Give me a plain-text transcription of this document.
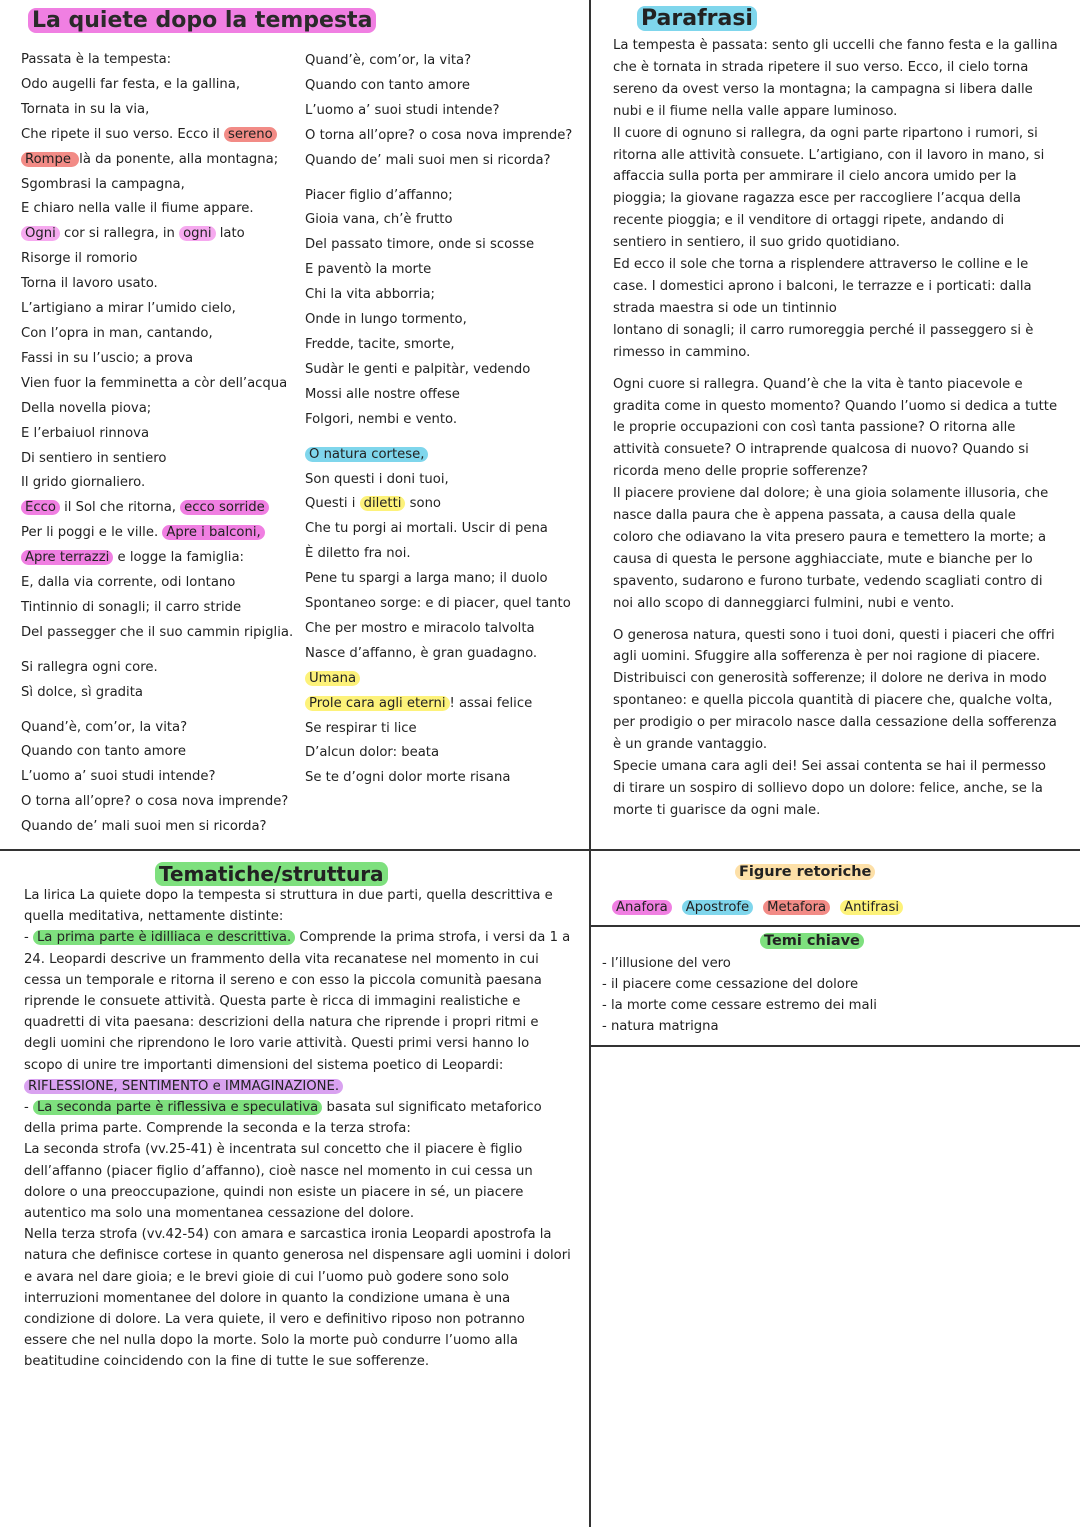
La quiete dopo la tempesta
Passata è la tempesta:
Odo augelli far festa, e la gallina,
Tornata in su la via,
Che ripete il suo verso. Ecco il sereno
Rompe là da ponente, alla montagna;
Sgombrasi la campagna,
E chiaro nella valle il fiume appare.
Ogni cor si rallegra, in ogni lato
Risorge il romorio
Torna il lavoro usato.
L’artigiano a mirar l’umido cielo,
Con l’opra in man, cantando,
Fassi in su l’uscio; a prova
Vien fuor la femminetta a còr dell’acqua
Della novella piova;
E l’erbaiuol rinnova
Di sentiero in sentiero
Il grido giornaliero.
Ecco il Sol che ritorna, ecco sorride
Per li poggi e le ville. Apre i balconi,
Apre terrazzi e logge la famiglia:
E, dalla via corrente, odi lontano
Tintinnio di sonagli; il carro stride
Del passegger che il suo cammin ripiglia.
Si rallegra ogni core.
Sì dolce, sì gradita
Quand’è, com’or, la vita?
Quando con tanto amore
L’uomo a’ suoi studi intende?
O torna all’opre? o cosa nova imprende?
Quando de’ mali suoi men si ricorda?
Quand’è, com’or, la vita?
Quando con tanto amore
L’uomo a’ suoi studi intende?
O torna all’opre? o cosa nova imprende?
Quando de’ mali suoi men si ricorda?
Piacer figlio d’affanno;
Gioia vana, ch’è frutto
Del passato timore, onde si scosse
E paventò la morte
Chi la vita abborria;
Onde in lungo tormento,
Fredde, tacite, smorte,
Sudàr le genti e palpitàr, vedendo
Mossi alle nostre offese
Folgori, nembi e vento.
O natura cortese,
Son questi i doni tuoi,
Questi i diletti sono
Che tu porgi ai mortali. Uscir di pena
È diletto fra noi.
Pene tu spargi a larga mano; il duolo
Spontaneo sorge: e di piacer, quel tanto
Che per mostro e miracolo talvolta
Nasce d’affanno, è gran guadagno.
Umana
Prole cara agli eterni ! assai felice
Se respirar ti lice
D’alcun dolor: beata
Se te d’ogni dolor morte risana
Parafrasi

La tempesta è passata: sento gli uccelli che fanno festa e la gallina che è tornata in strada ripetere il suo verso. Ecco, il cielo torna sereno da ovest verso la montagna; la campagna si libera dalle nubi e il fiume nella valle appare luminoso.
Il cuore di ognuno si rallegra, da ogni parte ripartono i rumori, si ritorna alle attività consuete. L’artigiano, con il lavoro in mano, si affaccia sulla porta per ammirare il cielo ancora umido per la pioggia; la giovane ragazza esce per raccogliere l’acqua della recente pioggia; e il venditore di ortaggi ripete, andando di sentiero in sentiero, il suo grido quotidiano.
Ed ecco il sole che torna a risplendere attraverso le colline e le case. I domestici aprono i balconi, le terrazze e i porticati: dalla strada maestra si ode un tintinnio
lontano di sonagli; il carro rumoreggia perché il passeggero si è rimesso in cammino.

Ogni cuore si rallegra. Quand’è che la vita è tanto piacevole e gradita come in questo momento? Quando l’uomo si dedica a tutte le proprie occupazioni con così tanta passione? O ritorna alle attività consuete? O intraprende qualcosa di nuovo? Quando si ricorda meno delle proprie sofferenze?
Il piacere proviene dal dolore; è una gioia solamente illusoria, che nasce dalla paura che è appena passata, a causa della quale coloro che odiavano la vita presero paura e temettero la morte; a causa di questa le persone agghiacciate, mute e bianche per lo spavento, sudarono e furono turbate, vedendo scagliati contro di noi allo scopo di danneggiarci fulmini, nubi e vento.

O generosa natura, questi sono i tuoi doni, questi i piaceri che offri agli uomini. Sfuggire alla sofferenza è per noi ragione di piacere.
Distribuisci con generosità sofferenze; il dolore ne deriva in modo spontaneo: e quella piccola quantità di piacere che, qualche volta, per prodigio o per miracolo nasce dalla cessazione della sofferenza è un grande vantaggio.
Specie umana cara agli dei! Sei assai contenta se hai il permesso di tirare un sospiro di sollievo dopo un dolore: felice, anche, se la morte ti guarisce da ogni male.

Tematiche/struttura

La lirica La quiete dopo la tempesta si struttura in due parti, quella descrittiva e quella meditativa, nettamente distinte:

- La prima parte è idilliaca e descrittiva. Comprende la prima strofa, i versi da 1 a 24. Leopardi descrive un frammento della vita recanatese nel momento in cui cessa un temporale e ritorna il sereno e con esso la piccola comunità paesana riprende le consuete attività. Questa parte è ricca di immagini realistiche e quadretti di vita paesana: descrizioni della natura che riprende i propri ritmi e degli uomini che riprendono le loro varie attività. Questi primi versi hanno lo scopo di unire tre importanti dimensioni del sistema poetico di Leopardi:
RIFLESSIONE, SENTIMENTO e IMMAGINAZIONE.

- La seconda parte è riflessiva e speculativa basata sul significato metaforico della prima parte. Comprende la seconda e la terza strofa:

La seconda strofa (vv.25-41) è incentrata sul concetto che il piacere è figlio dell’affanno (piacer figlio d’affanno), cioè nasce nel momento in cui cessa un dolore o una preoccupazione, quindi non esiste un piacere in sé, un piacere autentico ma solo una momentanea cessazione del dolore.

Nella terza strofa (vv.42-54) con amara e sarcastica ironia Leopardi apostrofa la natura che definisce cortese in quanto generosa nel dispensare agli uomini i dolori e avara nel dare gioia; e le brevi gioie di cui l’uomo può godere sono solo interruzioni momentanee del dolore in quanto la condizione umana è una condizione di dolore. La vera quiete, il vero e definitivo riposo non potranno essere che nel nulla dopo la morte. Solo la morte può condurre l’uomo alla beatitudine coincidendo con la fine di tutte le sue sofferenze.

Figure retoriche
Anafora	Apostrofe	Metafora	Antifrasi
Temi chiave
- l’illusione del vero
- il piacere come cessazione del dolore
- la morte come cessare estremo dei mali
- natura matrigna
